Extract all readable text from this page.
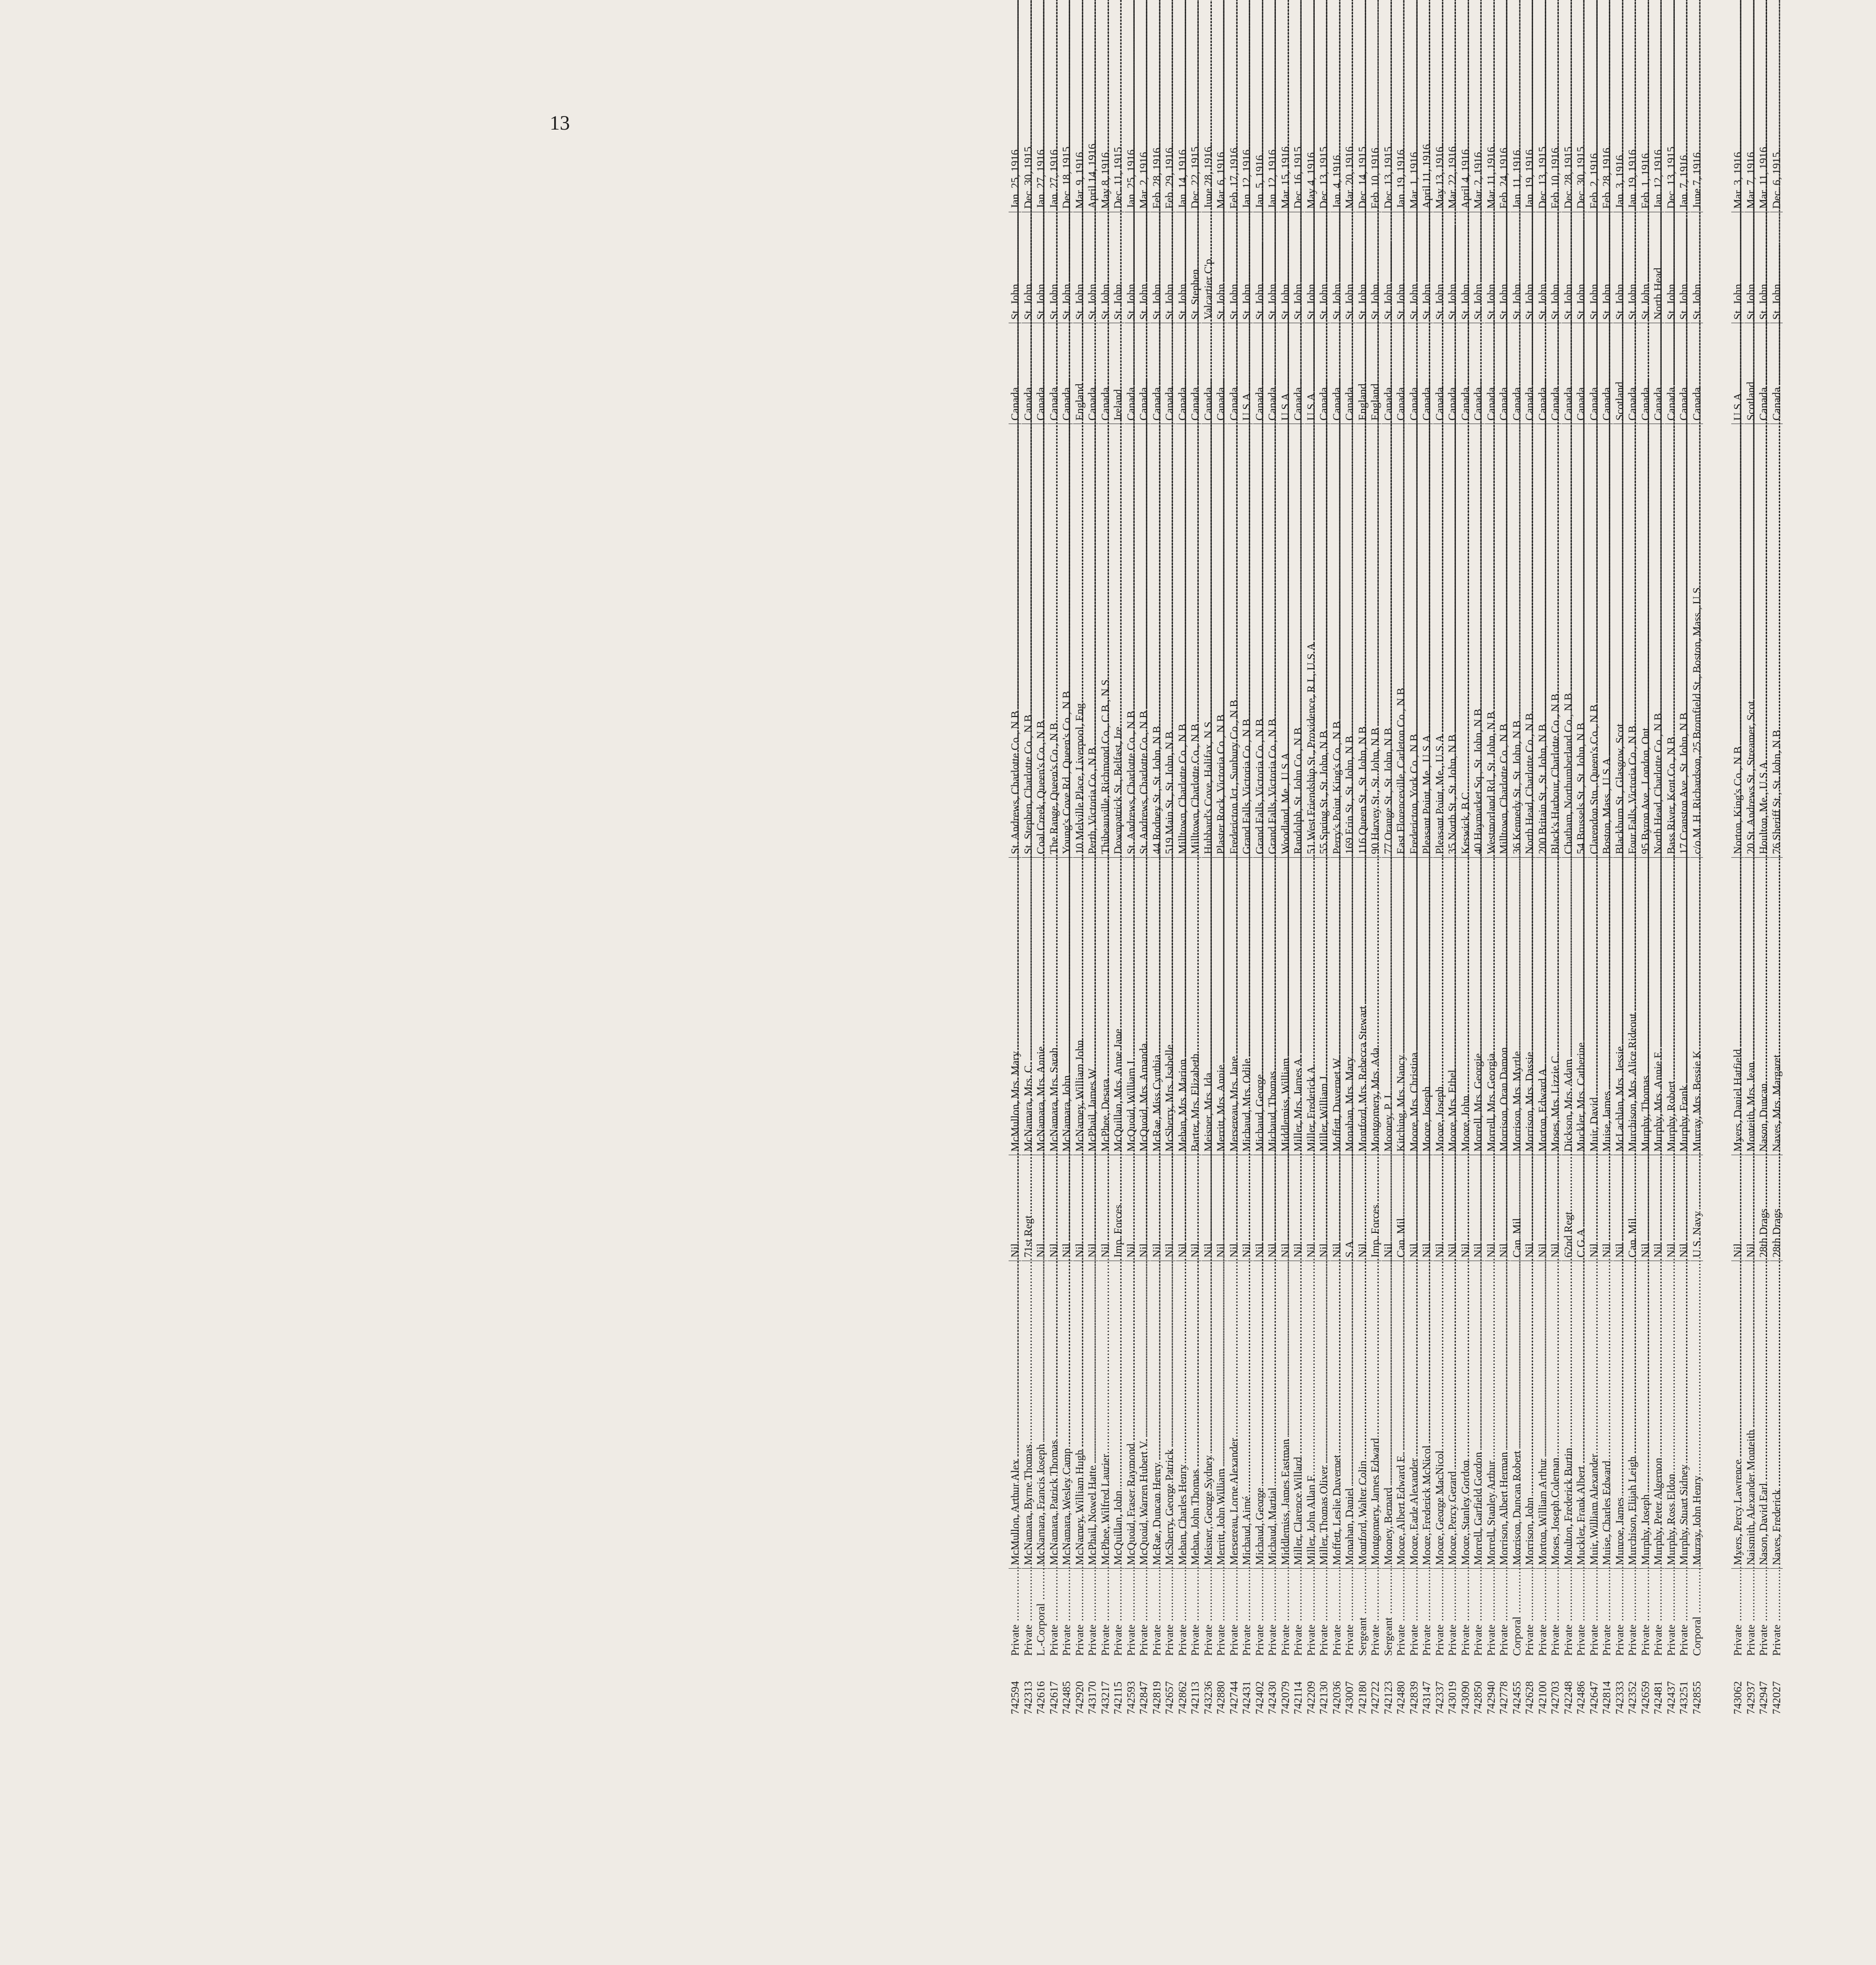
13
742594
Private .....
McMullon, Arthur Alex .....
Nil .....
McMullon, Mrs. Mary .....
St. Andrews, Charlotte Co., N.B .....
Canada .....
St. John .....
Jan. 25, 1916.
742313
Private .....
McNamara, Byrne Thomas .....
71st Regt .....
McNamara, Mrs. C. .....
St. Stephen, Charlotte Co., N.B .....
Canada .....
St. John .....
Dec. 30, 1915.
742616
L.-Corporal .....
McNamara, Francis Joseph .....
Nil .....
McNamara, Mrs. Annie .....
Coal Creek, Queen's Co., N.B .....
Canada .....
St. John .....
Jan. 27, 1916.
742617
Private .....
McNamara, Patrick Thomas .....
Nil .....
McNamara, Mrs. Sarah .....
The Range, Queen's Co., N.B .....
Canada .....
St. John .....
Jan. 27, 1916.
742485
Private .....
McNamara, Wesley Camp .....
Nil .....
McNamara, John .....
Young's Cove Rd., Queen's Co., N.B .....
Canada .....
St. John .....
Dec. 18, 1915.
742920
Private .....
McNarney, William Hugh .....
Nil .....
McNarney, William John .....
10 Melville Place, Liverpool, Eng .....
England .....
St. John .....
Mar. 9, 1916.
743170
Private .....
McPhail, Nowel Hatte .....
Nil .....
McPhail, James W. .....
Perth, Victoria Co., N.B .....
Canada .....
St. John .....
April 14, 1916.
743217
Private .....
McPhee, Wilfred Laurier .....
Nil .....
McPhee, Desara .....
Thibeauville, Richmond Co., C.B., N.S .....
Canada .....
St. John .....
May 8, 1916.
742115
Private .....
McQuillan, John .....
Imp. Forces .....
McQuillan, Mrs. Anne Jane .....
Downpatrick St., Belfast, Ire .....
Ireland .....
St. John .....
Dec. 11, 1915.
742593
Private .....
McQuoid, Fraser Raymond .....
Nil .....
McQuoid, William J. .....
St. Andrews, Charlotte Co., N.B .....
Canada .....
St. John .....
Jan. 25, 1916.
742847
Private .....
McQuoid, Warren Hubert V. .....
Nil .....
McQuoid, Mrs. Amanda .....
St. Andrews, Charlotte Co., N.B .....
Canada .....
St. John .....
Mar. 2, 1916.
742819
Private .....
McRae, Duncan Henry .....
Nil .....
McRae, Miss Cynthia .....
44 Rodney St., St. John, N.B .....
Canada .....
St. John .....
Feb. 28, 1916.
742657
Private .....
McSherry, George Patrick .....
Nil .....
McSherry, Mrs. Isabelle .....
519 Main St., St. John, N.B .....
Canada .....
St. John .....
Feb. 29, 1916.
742862
Private .....
Mehan, Charles Henry .....
Nil .....
Mehan, Mrs. Marion .....
Milltown, Charlotte Co., N.B .....
Canada .....
St. John .....
Jan. 14, 1916.
742113
Private .....
Mehan, John Thomas .....
Nil .....
Barter, Mrs. Elizabeth .....
Milltown, Charlotte Co., N.B .....
Canada .....
St. Stephen .....
Dec. 22, 1915.
743236
Private .....
Meisner, George Sydney .....
Nil .....
Meisner, Mrs. Ida .....
Hubbard's Cove, Halifax, N.S .....
Canada .....
Valcartier C'p .....
June 28, 1916.
742880
Private .....
Merritt, John William .....
Nil .....
Merritt, Mrs. Annie .....
Plaster Rock, Victoria Co., N.B .....
Canada .....
St. John .....
Mar. 6, 1916.
742744
Private .....
Mersereau, Lorne Alexander .....
Nil .....
Mersereau, Mrs. Jane .....
Fredericton Jct., Sunbury Co., N.B .....
Canada .....
St. John .....
Feb. 17, 1916.
742431
Private .....
Michaud, Aimé .....
Nil .....
Michaud, Mrs. Odile .....
Grand Falls, Victoria Co., N.B .....
U.S.A .....
St. John .....
Jan. 12, 1916.
742402
Private .....
Michaud, George .....
Nil .....
Michaud, George .....
Grand Falls, Victoria Co., N.B .....
Canada .....
St. John .....
Jan. 5, 1916.
742430
Private .....
Michaud, Martial .....
Nil .....
Michaud, Thomas .....
Grand Falls, Victoria Co., N.B .....
Canada .....
St. John .....
Jan. 12, 1916.
742079
Private .....
Middlemiss, James Eastman .....
Nil .....
Middlemiss, William .....
Woodland, Me., U.S.A .....
U.S.A .....
St. John .....
Mar. 15, 1916.
742114
Private .....
Miller, Clarence Willard .....
Nil .....
Miller, Mrs. James A. .....
Randolph, St. John Co., N.B .....
Canada .....
St. John .....
Dec. 16, 1915.
742209
Private .....
Miller, John Allan F. .....
Nil .....
Miller, Frederick A. .....
51 West Friendship St., Providence, R.I., U.S.A .....
U.S.A .....
St. John .....
May 4, 1916.
742130
Private .....
Miller, Thomas Oliver .....
Nil .....
Miller, William J. .....
55 Spring St., St. John, N.B .....
Canada .....
St. John .....
Dec. 13, 1915.
742036
Private .....
Moffett, Leslie Duvernet .....
Nil .....
Moffett, Duvernet W. .....
Perry's Point, King's Co., N.B .....
Canada .....
St. John .....
Jan. 4, 1916.
743007
Private .....
Monahan, Daniel .....
S.A .....
Monahan, Mrs. Mary .....
169 Erin St., St. John, N.B .....
Canada .....
St. John .....
Mar. 20, 1916.
742180
Sergeant .....
Montford, Walter Colin .....
Nil .....
Montford, Mrs. Rebecca Stewart .....
116 Queen St., St. John, N.B .....
England .....
St. John .....
Dec. 14, 1915.
742722
Private .....
Montgomery, James Edward .....
Imp. Forces .....
Montgomery, Mrs. Ada .....
90 Harvey St., St. John, N.B .....
England .....
St. John .....
Feb. 10, 1916.
742123
Sergeant .....
Mooney, Bernard .....
Nil .....
Mooney, P. J. .....
77 Orange St., St. John, N.B .....
Canada .....
St. John .....
Dec. 13, 1915.
742480
Private .....
Moore, Albert Edward E. .....
Can. Mil .....
Kitching, Mrs. Nancy .....
East Florenceville, Carleton Co., N.B .....
Canada .....
St. John .....
Jan. 19, 1916.
742839
Private .....
Moore, Earle Alexander .....
Nil .....
Moore, Mrs. Christina .....
Fredericton, York Co., N.B .....
Canada .....
St. John .....
Mar. 1, 1916.
743147
Private .....
Moore, Frederick McNicol .....
Nil .....
Moore, Joseph .....
Pleasant Point, Me., U.S.A .....
Canada .....
St. John .....
April 11, 1916.
742337
Private .....
Moore, George MacNicol .....
Nil .....
Moore, Joseph .....
Pleasant Point, Me., U.S.A .....
Canada .....
St. John .....
May 13, 1916.
743019
Private .....
Moore, Percy Gerard .....
Nil .....
Moore, Mrs. Ethel .....
35 North St., St. John, N.B .....
Canada .....
St. John .....
Mar. 22, 1916.
743090
Private .....
Moore, Stanley Gordon .....
Nil .....
Moore, John .....
Keswick, B.C .....
Canada .....
St. John .....
April 4, 1916.
742850
Private .....
Morrell, Garfield Gordon .....
Nil .....
Morrell, Mrs. Georgie .....
40 Haymarket Sq., St. John, N.B .....
Canada .....
St. John .....
Mar. 2, 1916.
742940
Private .....
Morrell, Stanley Arthur .....
Nil .....
Morrell, Mrs. Georgia .....
Westmorland Rd., St. John, N.B .....
Canada .....
St. John .....
Mar. 11, 1916.
742778
Private .....
Morrison, Albert Herman .....
Nil .....
Morrison, Oran Damon .....
Milltown, Charlotte Co., N.B .....
Canada .....
St. John .....
Feb. 24, 1916.
742455
Corporal .....
Morrison, Duncan Robert .....
Can. Mil .....
Morrison, Mrs. Myrtle .....
36 Kennedy St., St. John, N.B .....
Canada .....
St. John .....
Jan. 11, 1916.
742628
Private .....
Morrison, John .....
Nil .....
Morrison, Mrs. Dassie .....
North Head, Charlotte Co., N.B .....
Canada .....
St. John .....
Jan. 19, 1916.
742100
Private .....
Morton, William Arthur .....
Nil .....
Morton, Edward A. .....
200 Britain St., St. John, N.B .....
Canada .....
St. John .....
Dec. 13, 1915.
742703
Private .....
Moses, Joseph Coleman .....
Nil .....
Moses, Mrs. Lizzie C. .....
Black's Harbour, Charlotte Co., N.B .....
Canada .....
St. John .....
Feb. 10, 1916.
742248
Private .....
Moulton, Frederick Burtin .....
62nd Regt .....
Dickson, Mrs. Adam .....
Chatham, Northumberland Co., N.B .....
Canada .....
St. John .....
Dec. 28, 1915.
742486
Private .....
Muckler, Frank Albert .....
C.G.A .....
Muckler, Mrs. Catherine .....
54 Brussels St., St. John, N.B .....
Canada .....
St. John .....
Dec. 30, 1915.
742647
Private .....
Muir, William Alexander .....
Nil .....
Muir, David .....
Clarendon Stn., Queen's Co., N.B .....
Canada .....
St. John .....
Feb. 2, 1916.
742814
Private .....
Muise, Charles Edward .....
Nil .....
Muise, James .....
Boston, Mass., U.S.A .....
Canada .....
St. John .....
Feb. 28, 1916.
742333
Private .....
Munroe, James .....
Nil .....
McLachlan, Mrs. Jessie .....
Blackburn St., Glasgow, Scot .....
Scotland .....
St. John .....
Jan. 3, 1916.
742352
Private .....
Murchison, Elijah Leigh .....
Can. Mil .....
Murchison, Mrs. Alice Rideout .....
Four Falls, Victoria Co., N.B .....
Canada .....
St. John .....
Jan. 19, 1916.
742659
Private .....
Murphy, Joseph .....
Nil .....
Murphy, Thomas .....
95 Byron Ave., London, Ont .....
Canada .....
St. John .....
Feb. 1, 1916.
742481
Private .....
Murphy, Peter Algernon .....
Nil .....
Murphy, Mrs. Annie E. .....
North Head, Charlotte Co., N.B .....
Canada .....
North Head .....
Jan. 12, 1916.
742437
Private .....
Murphy, Ross Eldon .....
Nil .....
Murphy, Robert .....
Bass River, Kent Co., N.B .....
Canada .....
St. John .....
Dec. 13, 1915.
743251
Private .....
Murphy, Stuart Sidney .....
Nil .....
Murphy, Frank .....
17 Cranston Ave., St. John, N.B .....
Canada .....
St. John .....
Jan. 7, 1916.
742855
Corporal .....
Murray, John Henry .....
U.S. Navy .....
Murray, Mrs. Bessie K. .....
c/o M. H. Richardson, 25 Bromfield St., Boston, Mass., U.S .....
Canada .....
St. John .....
June 7, 1916.
743062
Private .....
Myers, Percy Lawrence .....
Nil .....
Myers, Daniel Hatfield .....
Norton, King's Co., N.B .....
U.S.A .....
St. John .....
Mar. 3, 1916.
742937
Private .....
Naismith, Alexander Monteith .....
Nil .....
Monteith, Mrs. Jean .....
20 St. Andrews St., Streamer, Scot .....
Scotland .....
St. John .....
Mar. 7, 1916.
742947
Private .....
Nason, David Earl .....
28th Drags .....
Nason, Duncan .....
Houlton, Me., U.S.A .....
Canada .....
St. John .....
Mar. 11, 1916.
742027
Private .....
Naves, Frederick .....
28th Drags .....
Naves, Mrs. Margaret .....
76 Sheriff St., St. John, N.B .....
Canada .....
St. John .....
Dec. 6, 1915.
